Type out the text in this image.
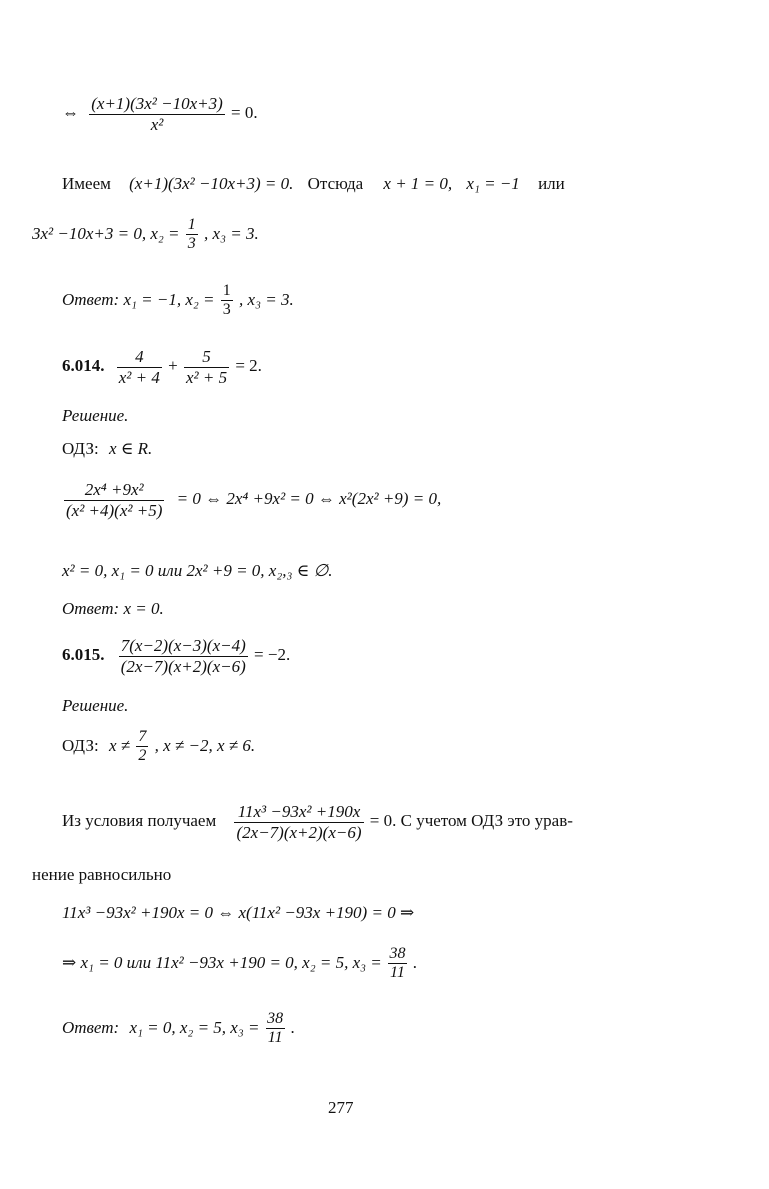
⇔ $\frac{\text{(x+1)(3x² −10x+3)}}{\text{x²}} = 0$.
Имеем (x+1)(3x² −10x+3) = 0. Отсюда x + 1 = 0, x₁ = −1 или
3x² −10x+3 = 0, $x_2 = \frac{1}{3}$ , x₃ = 3.
Ответ: x₁ = −1, $x_2 = \frac{1}{3}$ , x₃ = 3.
6.014. $\frac{4}{\text{x² + 4}} + \frac{5}{\text{x² + 5}} = 2$.
Решение.
ОДЗ: x ∈ R.
$\frac{\text{2x⁴ +9x²}}{\text{(x² +4)(x² +5)}} = 0$ ⇔ 2x⁴ +9x² = 0 ⇔ x²(2x² +9) = 0,
x² = 0, x₁ = 0 или 2x² +9 = 0, x₂,₃ ∈ ∅.
Ответ: x = 0.
6.015. $\frac{7(x-2)(x-3)(x-4)}{(2x-7)(x+2)(x-6)} = -2$.
Решение.
ОДЗ: $x \ne \frac{7}{2}$ , x ≠ −2, x ≠ 6.
Из условия получаем $\frac{\text{11x³ −93x² +190x}}{(2x-7)(x+2)(x-6)} = 0$. С учетом ОДЗ это урав-
нение равносильно
11x³ −93x² +190x = 0 ⇔ x(11x² −93x +190) = 0 ⇒
⇒ x₁ = 0 или 11x² −93x +190 = 0, x₂ = 5, $x_3 = \frac{38}{11}$ .
Ответ: x₁ = 0, x₂ = 5, $x_3 = \frac{38}{11}$ .
277
